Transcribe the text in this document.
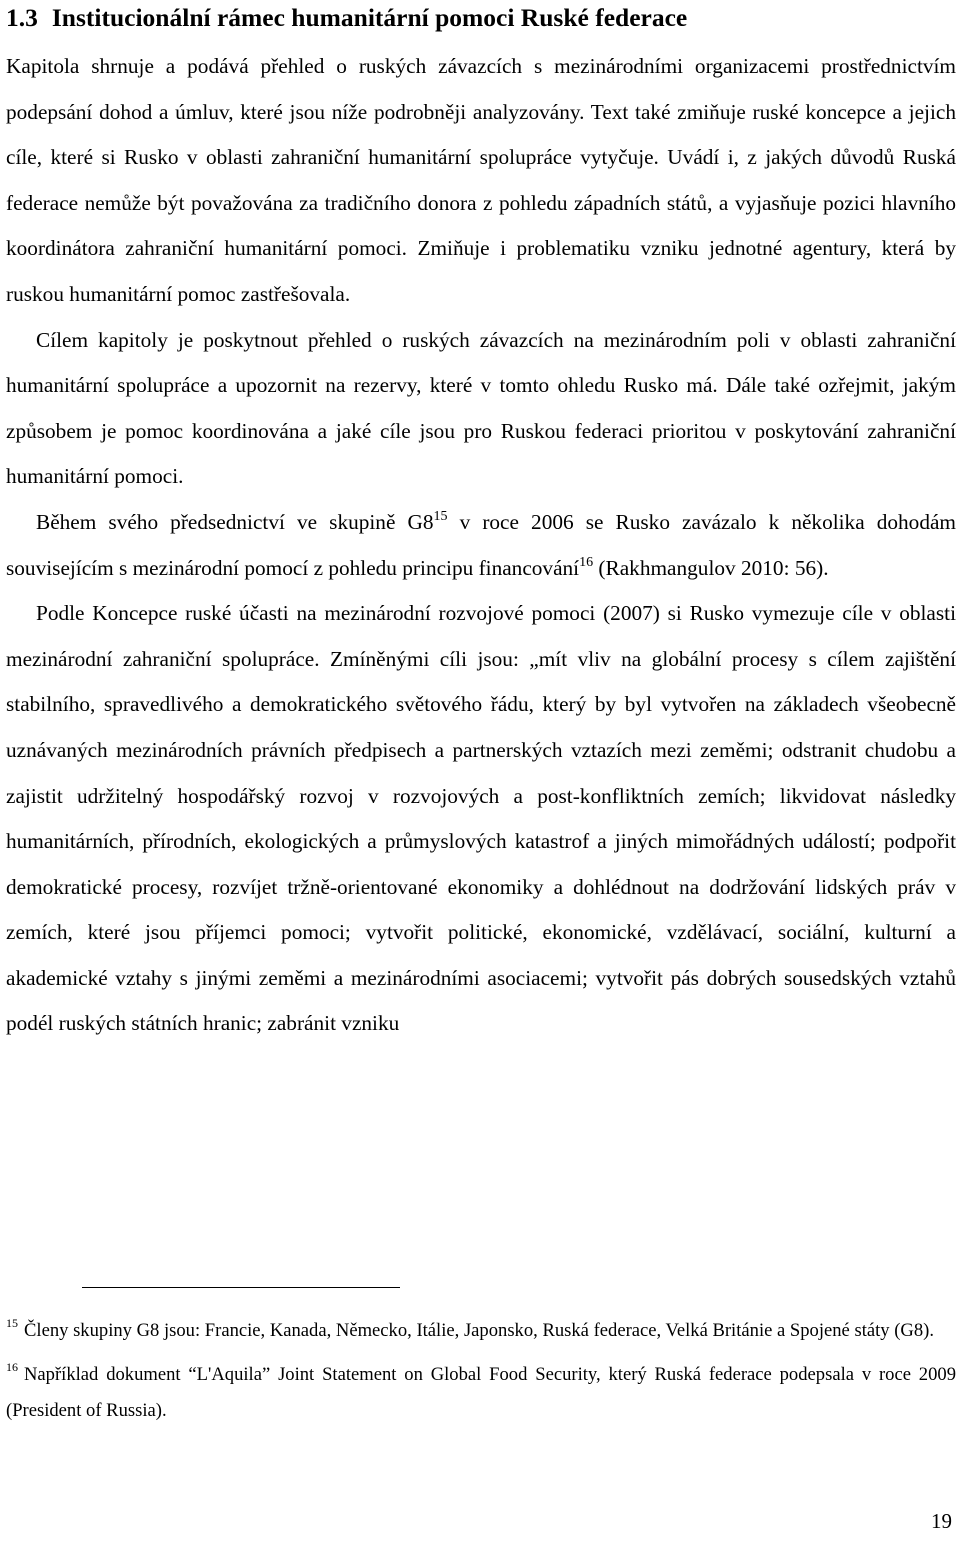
1.3 Institucionální rámec humanitární pomoci Ruské federace

Kapitola shrnuje a podává přehled o ruských závazcích s mezinárodními organizacemi prostřednictvím podepsání dohod a úmluv, které jsou níže podrobněji analyzovány. Text také zmiňuje ruské koncepce a jejich cíle, které si Rusko v oblasti zahraniční humanitární spolupráce vytyčuje. Uvádí i, z jakých důvodů Ruská federace nemůže být považována za tradičního donora z pohledu západních států, a vyjasňuje pozici hlavního koordinátora zahraniční humanitární pomoci. Zmiňuje i problematiku vzniku jednotné agentury, která by ruskou humanitární pomoc zastřešovala.

Cílem kapitoly je poskytnout přehled o ruských závazcích na mezinárodním poli v oblasti zahraniční humanitární spolupráce a upozornit na rezervy, které v tomto ohledu Rusko má. Dále také ozřejmit, jakým způsobem je pomoc koordinována a jaké cíle jsou pro Ruskou federaci prioritou v poskytování zahraniční humanitární pomoci.

Během svého předsednictví ve skupině $G8^{15}$ v roce 2006 se Rusko zavázalo k několika dohodám souvisejícím s mezinárodní pomocí z pohledu principu financování$^{16}$ (Rakhmangulov 2010: 56).

Podle Koncepce ruské účasti na mezinárodní rozvojové pomoci (2007) si Rusko vymezuje cíle v oblasti mezinárodní zahraniční spolupráce. Zmíněnými cíli jsou: „mít vliv na globální procesy s cílem zajištění stabilního, spravedlivého a demokratického světového řádu, který by byl vytvořen na základech všeobecně uznávaných mezinárodních právních předpisech a partnerských vztazích mezi zeměmi; odstranit chudobu a zajistit udržitelný hospodářský rozvoj v rozvojových a post-konfliktních zemích; likvidovat následky humanitárních, přírodních, ekologických a průmyslových katastrof a jiných mimořádných událostí; podpořit demokratické procesy, rozvíjet tržně-orientované ekonomiky a dohlédnout na dodržování lidských práv v zemích, které jsou příjemci pomoci; vytvořit politické, ekonomické, vzdělávací, sociální, kulturní a akademické vztahy s jinými zeměmi a mezinárodními asociacemi; vytvořit pás dobrých sousedských vztahů podél ruských státních hranic; zabránit vzniku

$^{15}$ Členy skupiny G8 jsou: Francie, Kanada, Německo, Itálie, Japonsko, Ruská federace, Velká Británie a Spojené státy (G8).

$^{16}$ Například dokument “L'Aquila” Joint Statement on Global Food Security, který Ruská federace podepsala v roce 2009 (President of Russia).

19
